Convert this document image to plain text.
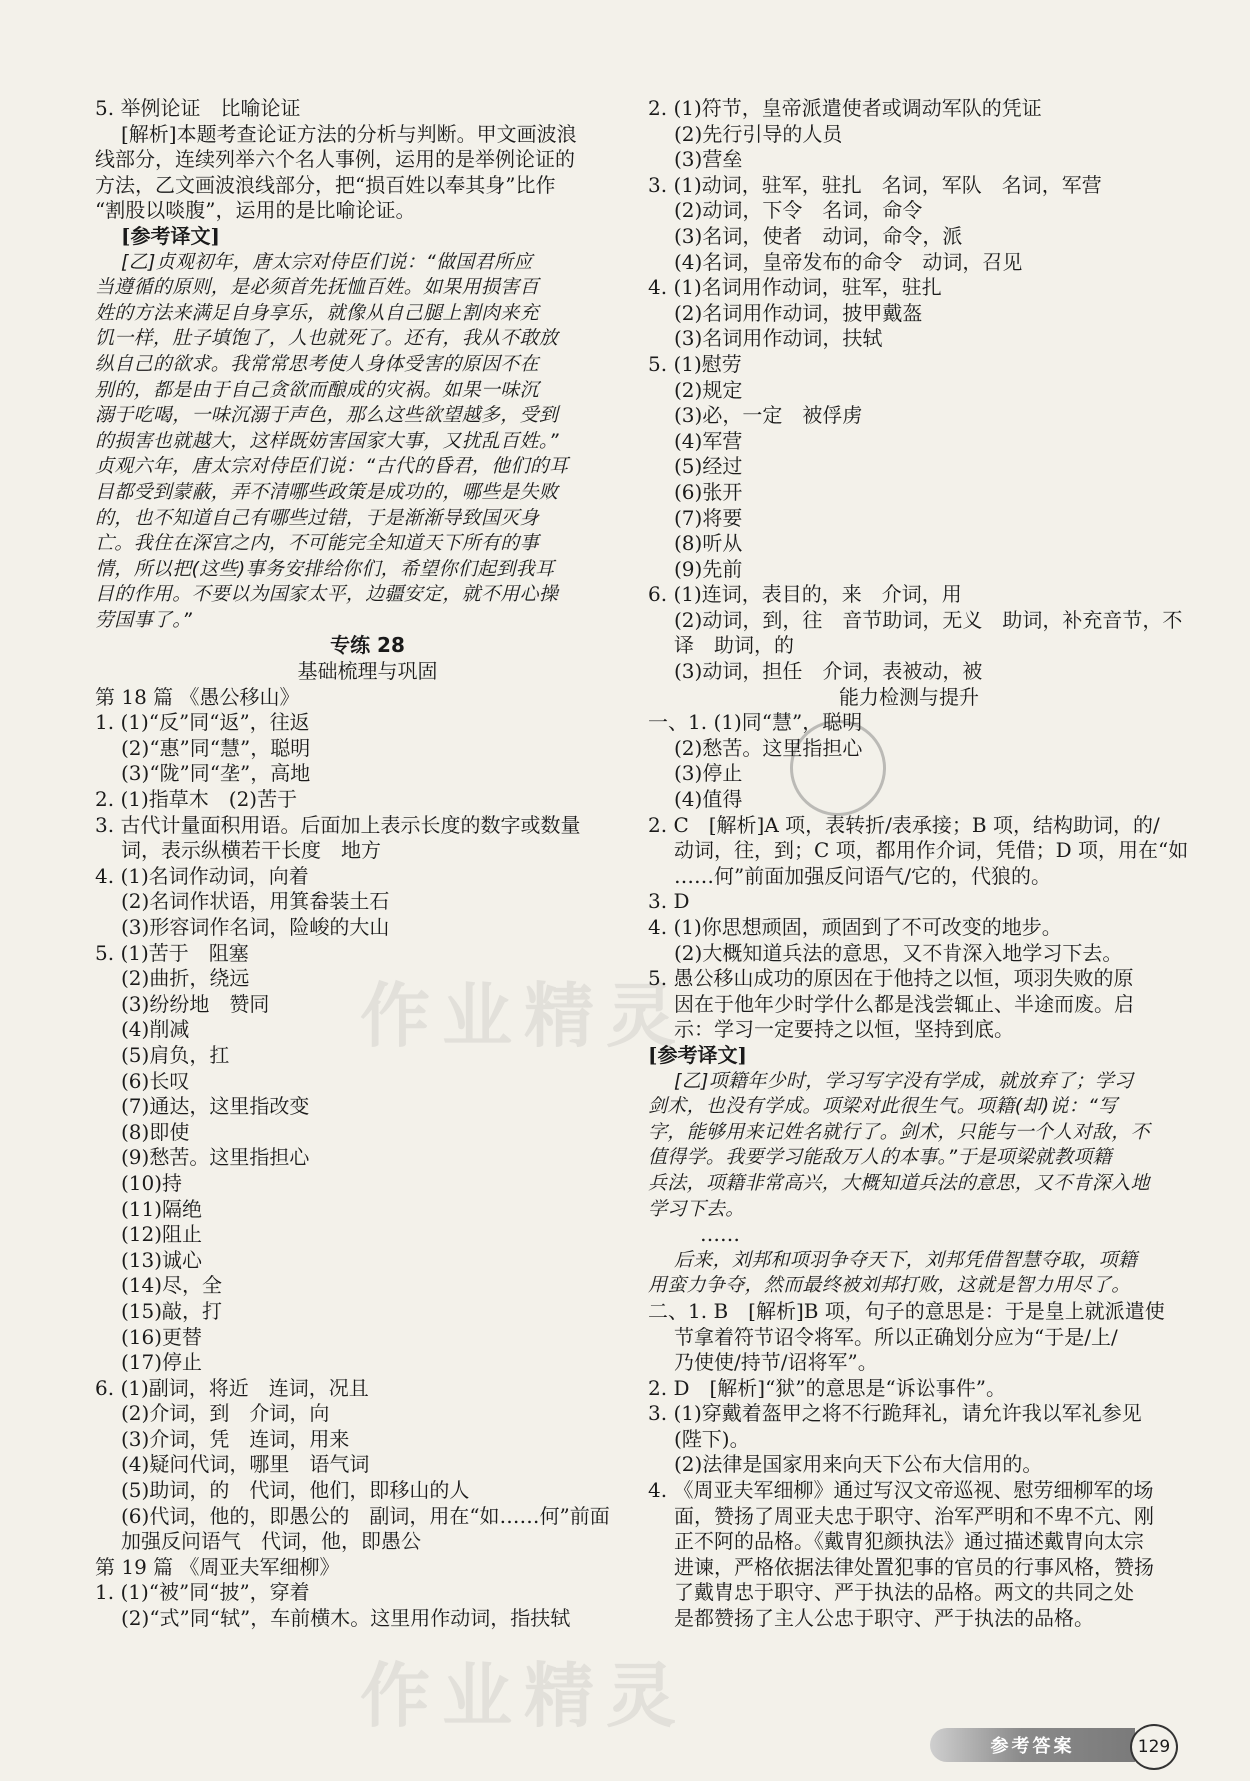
作业精灵
作业精灵
5. 举例论证　比喻论证
[解析]本题考查论证方法的分析与判断。甲文画波浪
线部分，连续列举六个名人事例，运用的是举例论证的
方法，乙文画波浪线部分，把“损百姓以奉其身”比作
“割股以啖腹”，运用的是比喻论证。
[参考译文]
[乙]贞观初年，唐太宗对侍臣们说：“做国君所应
当遵循的原则，是必须首先抚恤百姓。如果用损害百
姓的方法来满足自身享乐，就像从自己腿上割肉来充
饥一样，肚子填饱了，人也就死了。还有，我从不敢放
纵自己的欲求。我常常思考使人身体受害的原因不在
别的，都是由于自己贪欲而酿成的灾祸。如果一味沉
溺于吃喝，一味沉溺于声色，那么这些欲望越多，受到
的损害也就越大，这样既妨害国家大事，又扰乱百姓。”
贞观六年，唐太宗对侍臣们说：“古代的昏君，他们的耳
目都受到蒙蔽，弄不清哪些政策是成功的，哪些是失败
的，也不知道自己有哪些过错，于是渐渐导致国灭身
亡。我住在深宫之内，不可能完全知道天下所有的事
情，所以把(这些)事务安排给你们，希望你们起到我耳
目的作用。不要以为国家太平，边疆安定，就不用心操
劳国事了。”
专练 28
基础梳理与巩固
第 18 篇 《愚公移山》
1. (1)“反”同“返”，往返
(2)“惠”同“慧”，聪明
(3)“陇”同“垄”，高地
2. (1)指草木　(2)苦于
3. 古代计量面积用语。后面加上表示长度的数字或数量
词，表示纵横若干长度　地方
4. (1)名词作动词，向着
(2)名词作状语，用箕畚装土石
(3)形容词作名词，险峻的大山
5. (1)苦于　阻塞
(2)曲折，绕远
(3)纷纷地　赞同
(4)削减
(5)肩负，扛
(6)长叹
(7)通达，这里指改变
(8)即使
(9)愁苦。这里指担心
(10)持
(11)隔绝
(12)阻止
(13)诚心
(14)尽，全
(15)敲，打
(16)更替
(17)停止
6. (1)副词，将近　连词，况且
(2)介词，到　介词，向
(3)介词，凭　连词，用来
(4)疑问代词，哪里　语气词
(5)助词，的　代词，他们，即移山的人
(6)代词，他的，即愚公的　副词，用在“如……何”前面
加强反问语气　代词，他，即愚公
第 19 篇 《周亚夫军细柳》
1. (1)“被”同“披”，穿着
(2)“式”同“轼”，车前横木。这里用作动词，指扶轼
2. (1)符节，皇帝派遣使者或调动军队的凭证
(2)先行引导的人员
(3)营垒
3. (1)动词，驻军，驻扎　名词，军队　名词，军营
(2)动词，下令　名词，命令
(3)名词，使者　动词，命令，派
(4)名词，皇帝发布的命令　动词，召见
4. (1)名词用作动词，驻军，驻扎
(2)名词用作动词，披甲戴盔
(3)名词用作动词，扶轼
5. (1)慰劳
(2)规定
(3)必，一定　被俘虏
(4)军营
(5)经过
(6)张开
(7)将要
(8)听从
(9)先前
6. (1)连词，表目的，来　介词，用
(2)动词，到，往　音节助词，无义　助词，补充音节，不
译　助词，的
(3)动词，担任　介词，表被动，被
能力检测与提升
一、1. (1)同“慧”，聪明
(2)愁苦。这里指担心
(3)停止
(4)值得
2. C　[解析]A 项，表转折/表承接；B 项，结构助词，的/
动词，往，到；C 项，都用作介词，凭借；D 项，用在“如
……何”前面加强反问语气/它的，代狼的。
3. D
4. (1)你思想顽固，顽固到了不可改变的地步。
(2)大概知道兵法的意思，又不肯深入地学习下去。
5. 愚公移山成功的原因在于他持之以恒，项羽失败的原
因在于他年少时学什么都是浅尝辄止、半途而废。启
示：学习一定要持之以恒，坚持到底。
[参考译文]
[乙]项籍年少时，学习写字没有学成，就放弃了；学习
剑术，也没有学成。项梁对此很生气。项籍(却)说：“写
字，能够用来记姓名就行了。剑术，只能与一个人对敌，不
值得学。我要学习能敌万人的本事。”于是项梁就教项籍
兵法，项籍非常高兴，大概知道兵法的意思，又不肯深入地
学习下去。
……
后来，刘邦和项羽争夺天下，刘邦凭借智慧夺取，项籍
用蛮力争夺，然而最终被刘邦打败，这就是智力用尽了。
二、1. B　[解析]B 项，句子的意思是：于是皇上就派遣使
节拿着符节诏令将军。所以正确划分应为“于是/上/
乃使使/持节/诏将军”。
2. D　[解析]“狱”的意思是“诉讼事件”。
3. (1)穿戴着盔甲之将不行跪拜礼，请允许我以军礼参见
(陛下)。
(2)法律是国家用来向天下公布大信用的。
4. 《周亚夫军细柳》通过写汉文帝巡视、慰劳细柳军的场
面，赞扬了周亚夫忠于职守、治军严明和不卑不亢、刚
正不阿的品格。《戴胄犯颜执法》通过描述戴胄向太宗
进谏，严格依据法律处置犯事的官员的行事风格，赞扬
了戴胄忠于职守、严于执法的品格。两文的共同之处
是都赞扬了主人公忠于职守、严于执法的品格。
参考答案	129
